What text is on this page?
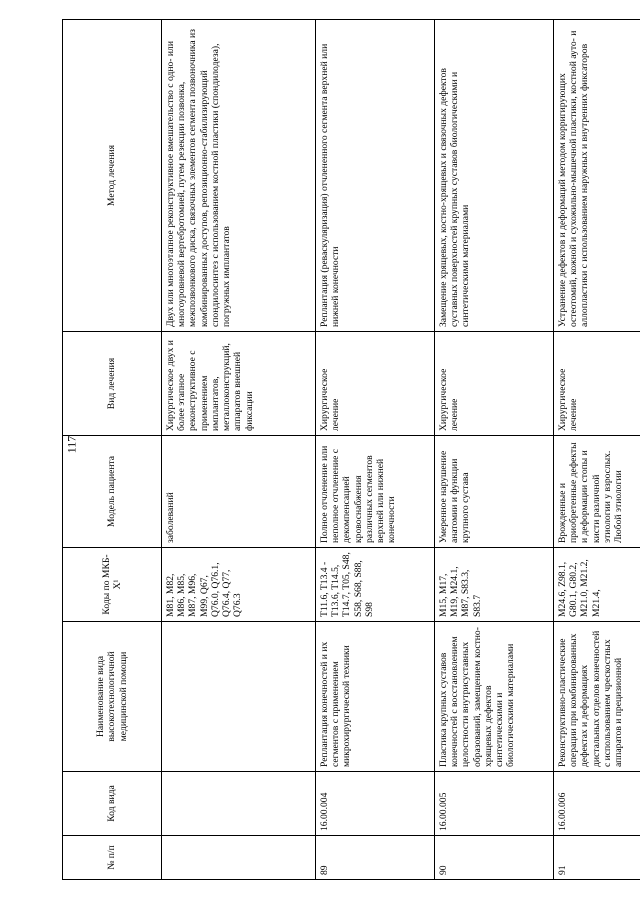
117
№ п/п	Код вида	Наименование вида высокотехнологичной медицинской помощи	Коды по МКБ-X¹	Модель пациента	Вид лечения	Метод лечения
			M81, M82, M86, M85, M87, M96, M99, Q67, Q76.0, Q76.1, Q76.4, Q77, Q76.3	заболеваний	Хирургическое двух и более этапное реконструктивное с применением имплантатов, металлоконструкций, аппаратов внешней фиксации	Двух или многоэтапное реконструктивное вмешательство с одно- или многоуровневой вертебротомией, путем резекции позвонка, межпозвонкового диска, связочных элементов сегмента позвоночника из комбинированных доступов, репозиционно-стабилизирующий спондилосинтез с использованием костной пластики (спондилодеза), погружных имплантатов
89	16.00.004	Реплантация конечностей и их сегментов с применением микрохирургической техники	T11.6, T13.4 - T13.6, T14.5, T14.7, T05, S48, S58, S68, S88, S98	Полное отчленение или неполное отчленение с декомпенсацией кровоснабжения различных сегментов верхней или нижней конечности	Хирургическое лечение	Реплантация (реваскуляризация) отчлененного сегмента верхней или нижней конечности
90	16.00.005	Пластика крупных суставов конечностей с восстановлением целостности внутрисуставных образований, замещением костно-хрящевых дефектов синтетическими и биологическими материалами	M15, M17, M19, M24.1, M87, S83.3, S83.7	Умеренное нарушение анатомии и функции крупного сустава	Хирургическое лечение	Замещение хрящевых, костно-хрящевых и связочных дефектов суставных поверхностей крупных суставов биологическими и синтетическими материалами
91	16.00.006	Реконструктивно-пластические операции при комбинированных дефектах и деформациях дистальных отделов конечностей с использованием чрескостных аппаратов и прецизионной	M24.6, Z98.1, G80.1, G80.2, M21.0, M21.2, M21.4,	Врожденные и приобретенные дефекты и деформации стопы и кисти различной этиологии у взрослых. Любой этиологии	Хирургическое лечение	Устранение дефектов и деформаций методом корригирующих остеотомий, кожной и сухожильно-мышечной пластики, костной ауто- и аллопластики с использованием наружных и внутренних фиксаторов
